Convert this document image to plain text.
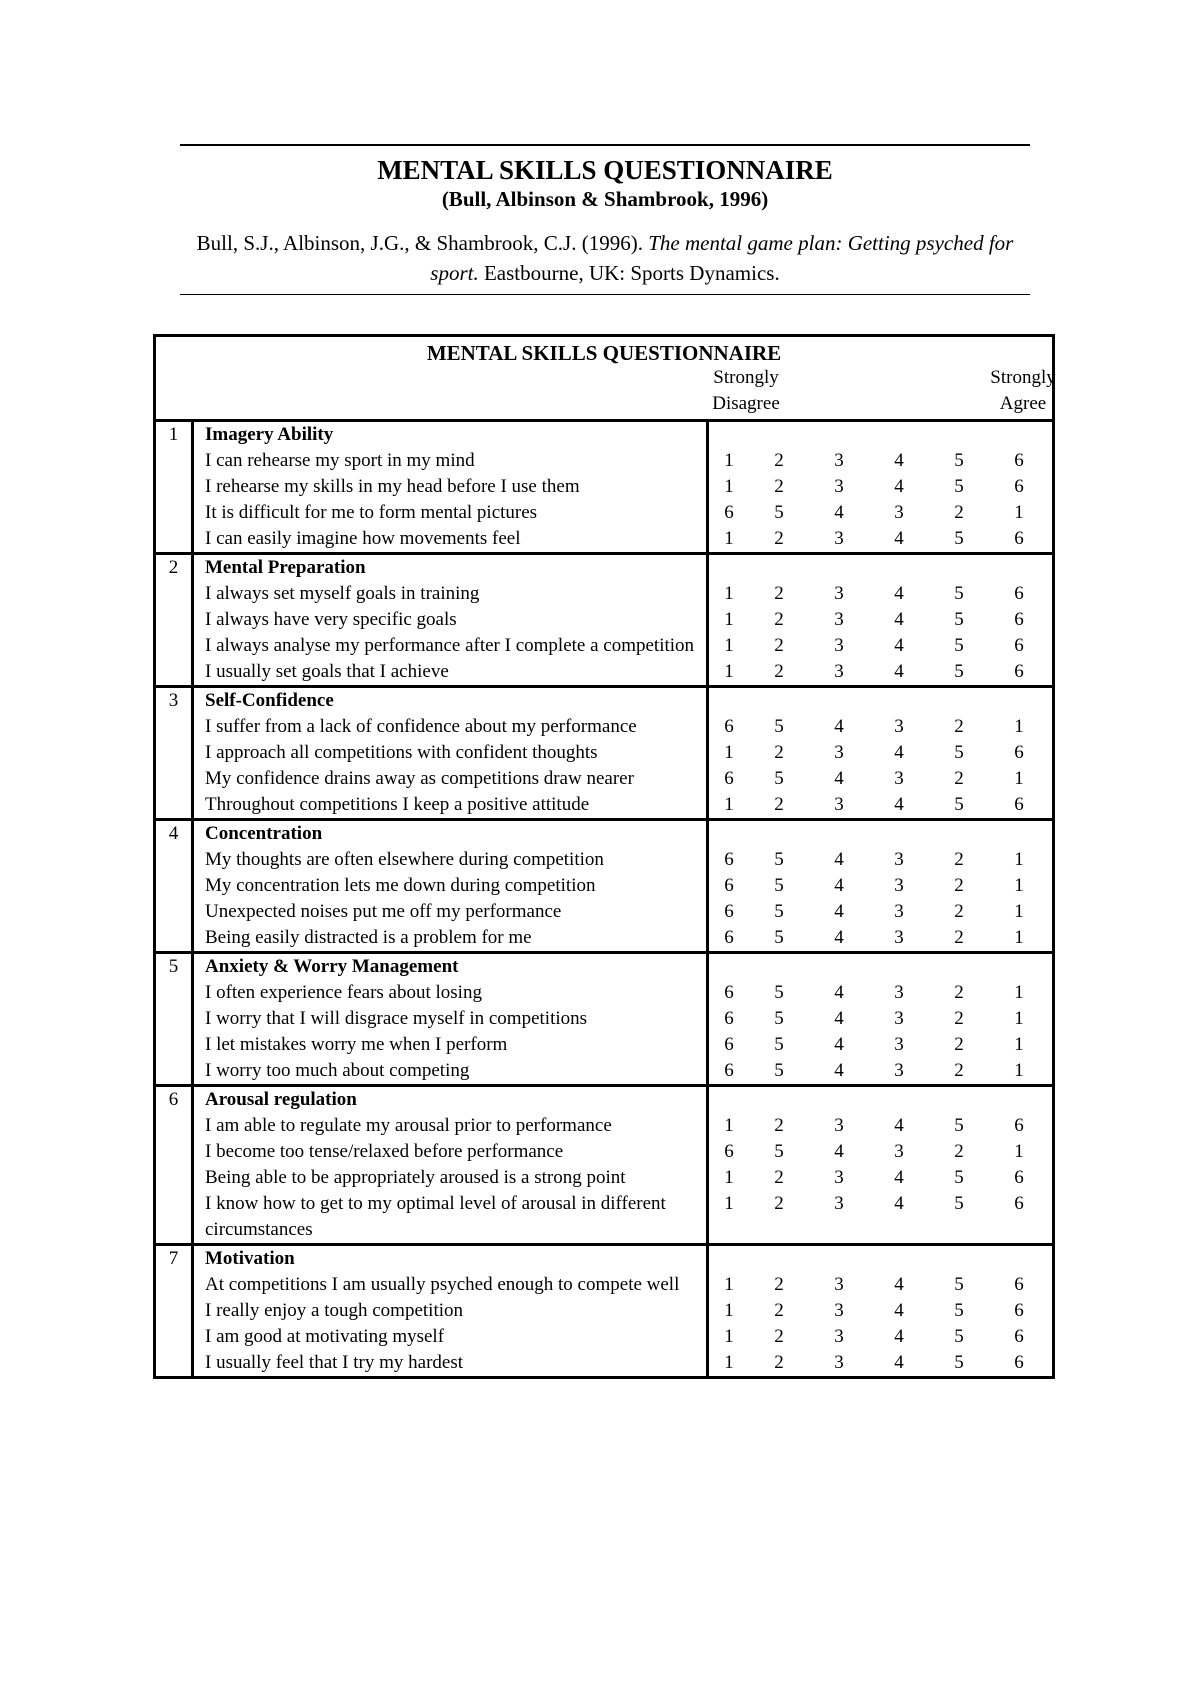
MENTAL SKILLS QUESTIONNAIRE
(Bull, Albinson & Shambrook, 1996)
Bull, S.J., Albinson, J.G., & Shambrook, C.J. (1996). The mental game plan: Getting psyched for sport. Eastbourne, UK: Sports Dynamics.
MENTAL SKILLS QUESTIONNAIRE
Strongly
Disagree
Strongly
Agree
1	Imagery Ability
I can rehearse my sport in my mind	1	2	3	4	5	6
I rehearse my skills in my head before I use them	1	2	3	4	5	6
It is difficult for me to form mental pictures	6	5	4	3	2	1
I can easily imagine how movements feel	1	2	3	4	5	6
2	Mental Preparation
I always set myself goals in training	1	2	3	4	5	6
I always have very specific goals	1	2	3	4	5	6
I always analyse my performance after I complete a competition	1	2	3	4	5	6
I usually set goals that I achieve	1	2	3	4	5	6
3	Self-Confidence
I suffer from a lack of confidence about my performance	6	5	4	3	2	1
I approach all competitions with confident thoughts	1	2	3	4	5	6
My confidence drains away as competitions draw nearer	6	5	4	3	2	1
Throughout competitions I keep a positive attitude	1	2	3	4	5	6
4	Concentration
My thoughts are often elsewhere during competition	6	5	4	3	2	1
My concentration lets me down during competition	6	5	4	3	2	1
Unexpected noises put me off my performance	6	5	4	3	2	1
Being easily distracted is a problem for me	6	5	4	3	2	1
5	Anxiety & Worry Management
I often experience fears about losing	6	5	4	3	2	1
I worry that I will disgrace myself in competitions	6	5	4	3	2	1
I let mistakes worry me when I perform	6	5	4	3	2	1
I worry too much about competing	6	5	4	3	2	1
6	Arousal regulation
I am able to regulate my arousal prior to performance	1	2	3	4	5	6
I become too tense/relaxed before performance	6	5	4	3	2	1
Being able to be appropriately aroused is a strong point	1	2	3	4	5	6
I know how to get to my optimal level of arousal in different circumstances
1	2	3	4	5	6
7	Motivation
At competitions I am usually psyched enough to compete well	1	2	3	4	5	6
I really enjoy a tough competition	1	2	3	4	5	6
I am good at motivating myself	1	2	3	4	5	6
I usually feel that I try my hardest	1	2	3	4	5	6
